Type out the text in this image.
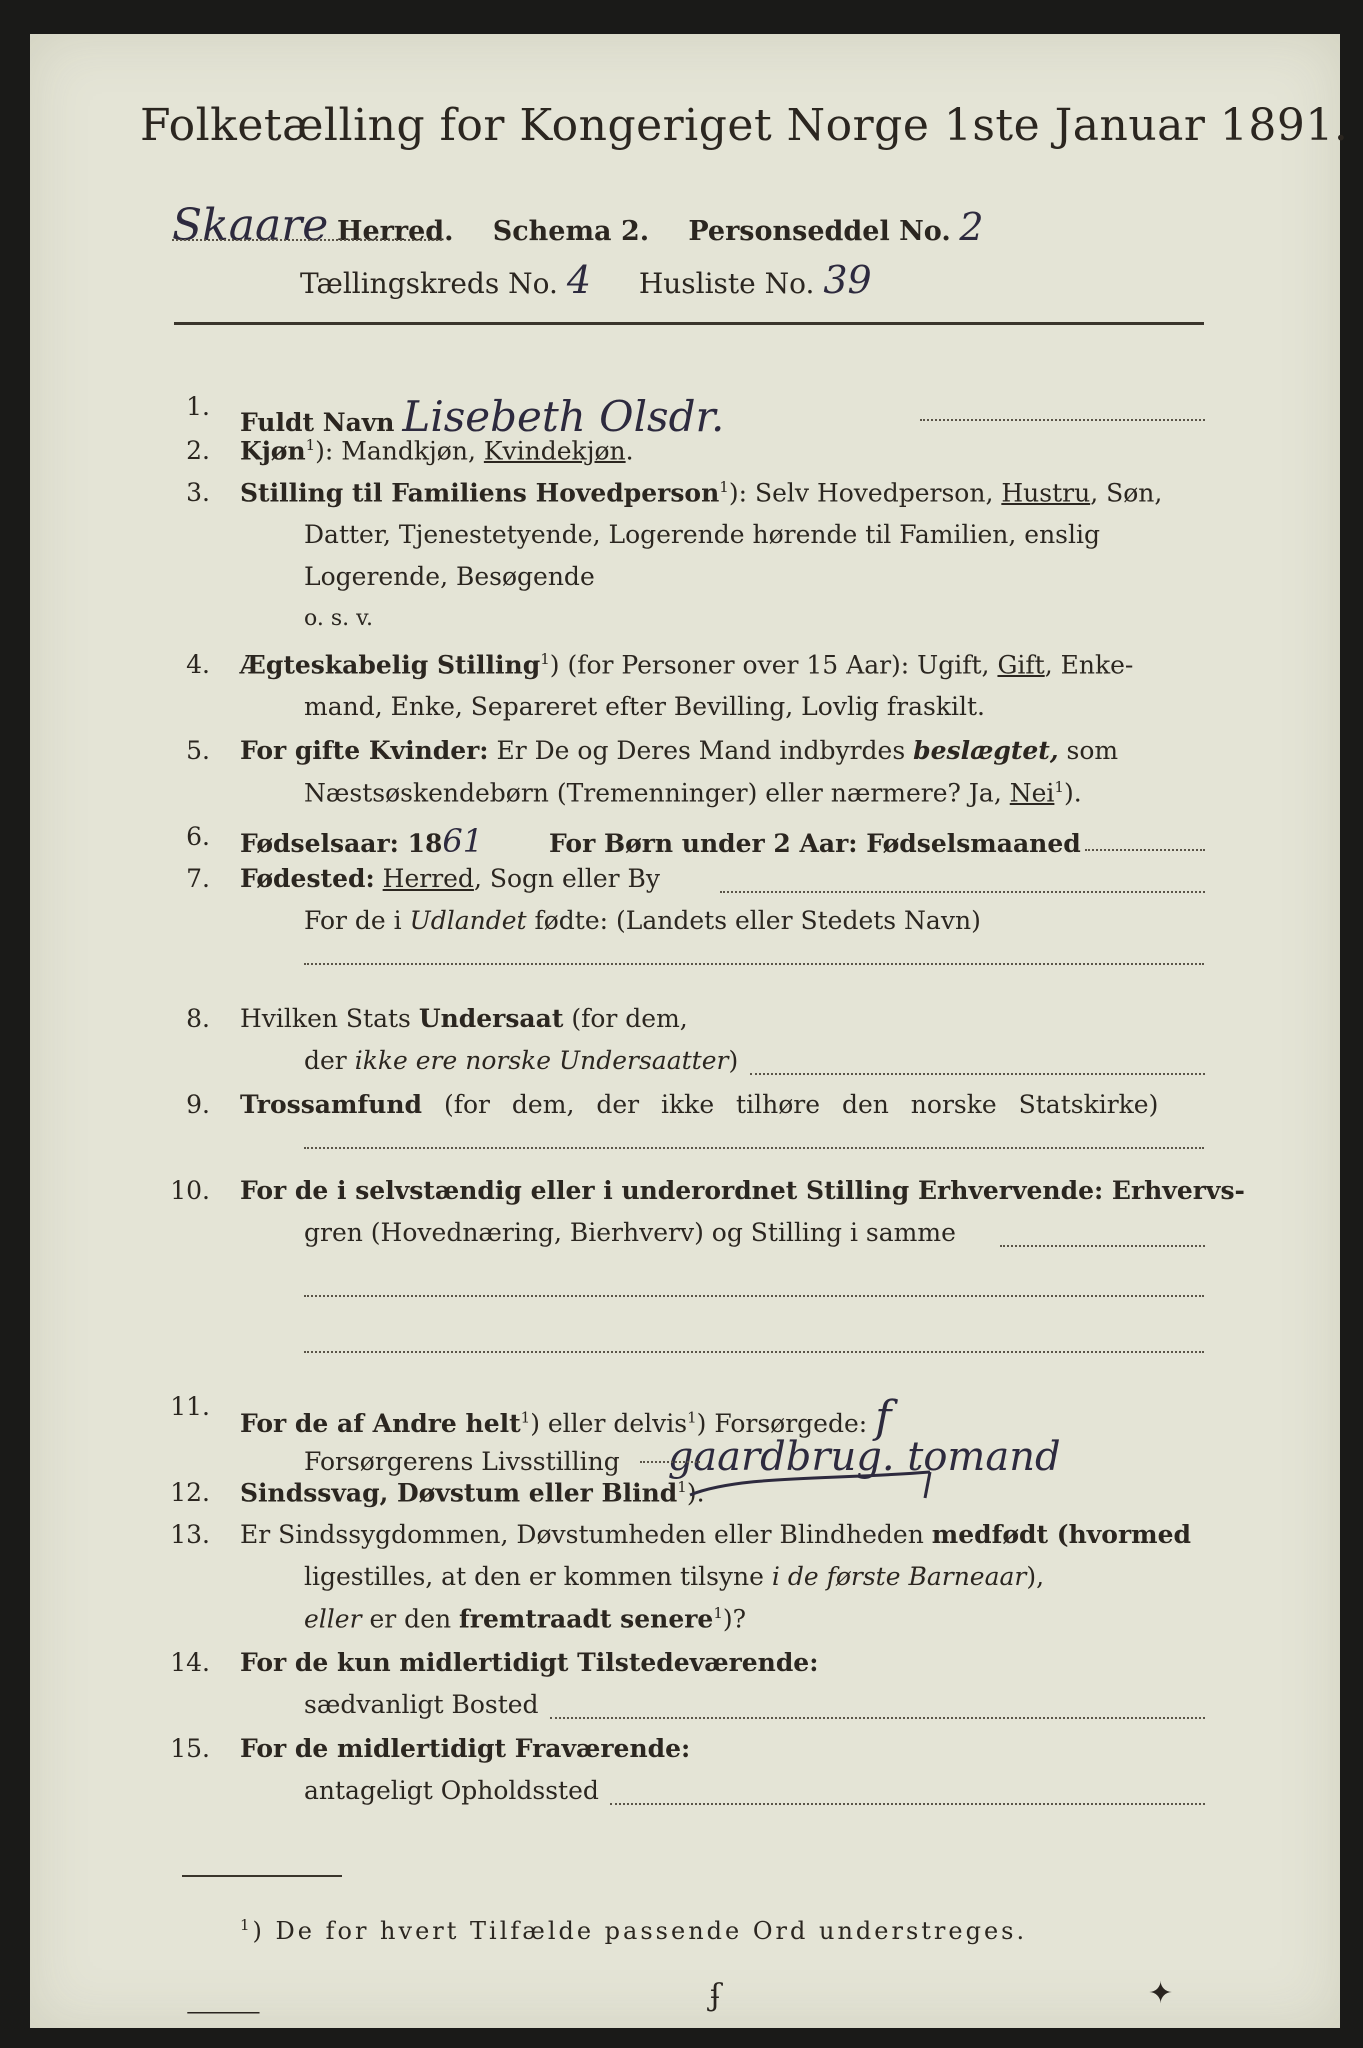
Folketælling for Kongeriget Norge 1ste Januar 1891.
Skaare Herred. Schema 2. Personseddel No. 2
Tællingskreds No. 4 Husliste No. 39
1.
Fuldt Navn Lisebeth Olsdr.
2. Kjøn$^1$): Mandkjøn, Kvindekjøn.
3. Stilling til Familiens Hovedperson$^1$): Selv Hovedperson, Hustru, Søn,
Datter, Tjenestetyende, Logerende hørende til Familien, enslig
Logerende, Besøgende
o. s. v.
4. Ægteskabelig Stilling$^1$) (for Personer over 15 Aar): Ugift, Gift, Enke-
mand, Enke, Separeret efter Bevilling, Lovlig fraskilt.
5. For gifte Kvinder: Er De og Deres Mand indbyrdes beslægtet, som
Næstsøskendebørn (Tremenninger) eller nærmere? Ja, Nei$^1$).
6. Fødselsaar: 1861	For Børn under 2 Aar: Fødselsmaaned
7. Fødested: Herred, Sogn eller By
For de i Udlandet fødte: (Landets eller Stedets Navn)
8. Hvilken Stats Undersaat (for dem,
der ikke ere norske Undersaatter)
9. Trossamfund (for dem, der ikke tilhøre den norske Statskirke)
10. For de i selvstændig eller i underordnet Stilling Erhvervende: Erhvervs-
gren (Hovednæring, Bierhverv) og Stilling i samme
11.
For de af Andre helt$^1$) eller delvis$^1$) Forsørgede: f
Forsørgerens Livsstilling gaardbrug. tomand
12. Sindssvag, Døvstum eller Blind$^1$).
13. Er Sindssygdommen, Døvstumheden eller Blindheden medfødt (hvormed
ligestilles, at den er kommen tilsyne i de første Barneaar),
eller er den fremtraadt senere$^1$)?
14. For de kun midlertidigt Tilstedeværende:
sædvanligt Bosted
15. For de midlertidigt Fraværende:
antageligt Opholdssted
$^1$) De for hvert Tilfælde passende Ord understreges.
⸻	ʄ	✦
